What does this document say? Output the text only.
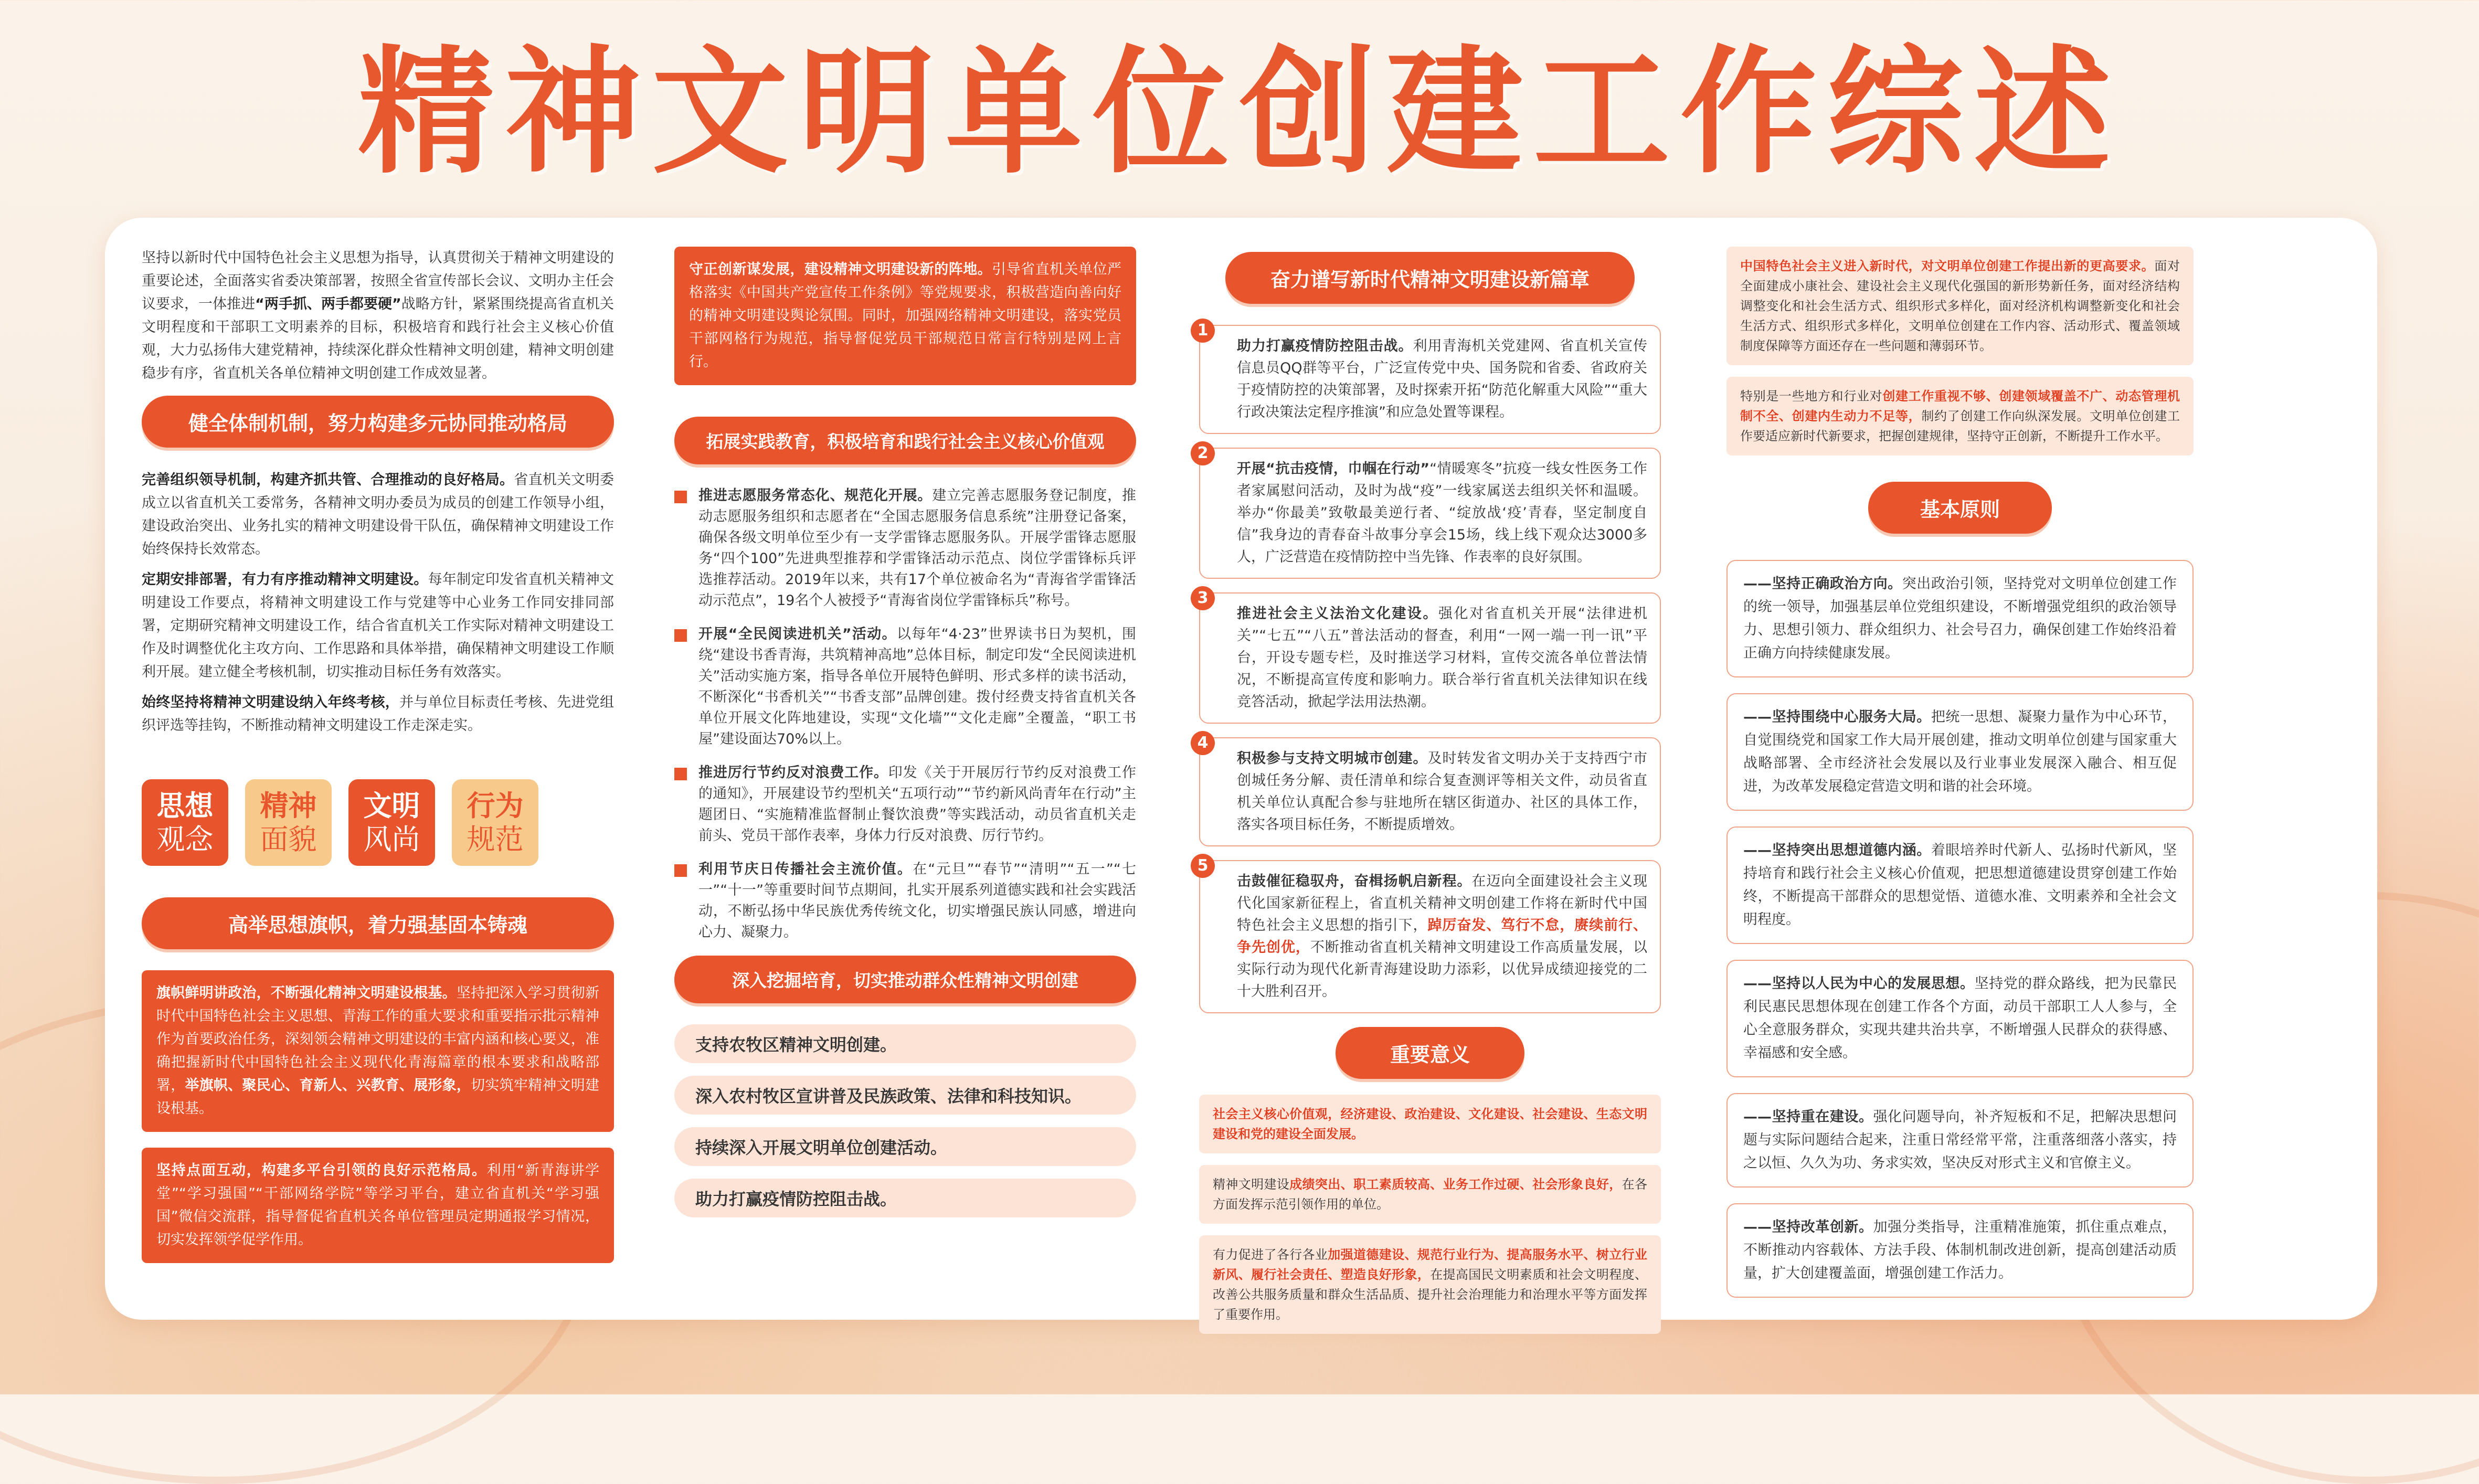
精神文明单位创建工作综述

坚持以新时代中国特色社会主义思想为指导，认真贯彻关于精神文明建设的重要论述，全面落实省委决策部署，按照全省宣传部长会议、文明办主任会议要求，一体推进“两手抓、两手都要硬”战略方针，紧紧围绕提高省直机关文明程度和干部职工文明素养的目标，积极培育和践行社会主义核心价值观，大力弘扬伟大建党精神，持续深化群众性精神文明创建，精神文明创建稳步有序，省直机关各单位精神文明创建工作成效显著。

健全体制机制，努力构建多元协同推动格局

完善组织领导机制，构建齐抓共管、合理推动的良好格局。省直机关文明委成立以省直机关工委常务，各精神文明办委员为成员的创建工作领导小组，建设政治突出、业务扎实的精神文明建设骨干队伍，确保精神文明建设工作始终保持长效常态。

定期安排部署，有力有序推动精神文明建设。每年制定印发省直机关精神文明建设工作要点，将精神文明建设工作与党建等中心业务工作同安排同部署，定期研究精神文明建设工作，结合省直机关工作实际对精神文明建设工作及时调整优化主攻方向、工作思路和具体举措，确保精神文明建设工作顺利开展。建立健全考核机制，切实推动目标任务有效落实。

始终坚持将精神文明建设纳入年终考核，并与单位目标责任考核、先进党组织评选等挂钩，不断推动精神文明建设工作走深走实。

思想
观念
精神
面貌
文明
风尚
行为
规范
高举思想旗帜，着力强基固本铸魂
旗帜鲜明讲政治，不断强化精神文明建设根基。坚持把深入学习贯彻新时代中国特色社会主义思想、青海工作的重大要求和重要指示批示精神作为首要政治任务，深刻领会精神文明建设的丰富内涵和核心要义，准确把握新时代中国特色社会主义现代化青海篇章的根本要求和战略部署，举旗帜、聚民心、育新人、兴教育、展形象，切实筑牢精神文明建设根基。
坚持点面互动，构建多平台引领的良好示范格局。利用“新青海讲学堂”“学习强国”“干部网络学院”等学习平台，建立省直机关“学习强国”微信交流群，指导督促省直机关各单位管理员定期通报学习情况，切实发挥领学促学作用。
守正创新谋发展，建设精神文明建设新的阵地。引导省直机关单位严格落实《中国共产党宣传工作条例》等党规要求，积极营造向善向好的精神文明建设舆论氛围。同时，加强网络精神文明建设，落实党员干部网格行为规范，指导督促党员干部规范日常言行特别是网上言行。
拓展实践教育，积极培育和践行社会主义核心价值观
推进志愿服务常态化、规范化开展。建立完善志愿服务登记制度，推动志愿服务组织和志愿者在“全国志愿服务信息系统”注册登记备案，确保各级文明单位至少有一支学雷锋志愿服务队。开展学雷锋志愿服务“四个100”先进典型推荐和学雷锋活动示范点、岗位学雷锋标兵评选推荐活动。2019年以来，共有17个单位被命名为“青海省学雷锋活动示范点”，19名个人被授予“青海省岗位学雷锋标兵”称号。
开展“全民阅读进机关”活动。以每年“4·23”世界读书日为契机，围绕“建设书香青海，共筑精神高地”总体目标，制定印发“全民阅读进机关”活动实施方案，指导各单位开展特色鲜明、形式多样的读书活动，不断深化“书香机关”“书香支部”品牌创建。拨付经费支持省直机关各单位开展文化阵地建设，实现“文化墙”“文化走廊”全覆盖，“职工书屋”建设面达70%以上。
推进厉行节约反对浪费工作。印发《关于开展厉行节约反对浪费工作的通知》，开展建设节约型机关“五项行动”“节约新风尚青年在行动”主题团日、“实施精准监督制止餐饮浪费”等实践活动，动员省直机关走前头、党员干部作表率，身体力行反对浪费、厉行节约。
利用节庆日传播社会主流价值。在“元旦”“春节”“清明”“五一”“七一”“十一”等重要时间节点期间，扎实开展系列道德实践和社会实践活动，不断弘扬中华民族优秀传统文化，切实增强民族认同感，增进向心力、凝聚力。
深入挖掘培育，切实推动群众性精神文明创建
支持农牧区精神文明创建。
深入农村牧区宣讲普及民族政策、法律和科技知识。
持续深入开展文明单位创建活动。
助力打赢疫情防控阻击战。
奋力谱写新时代精神文明建设新篇章
1
助力打赢疫情防控阻击战。利用青海机关党建网、省直机关宣传信息员QQ群等平台，广泛宣传党中央、国务院和省委、省政府关于疫情防控的决策部署，及时探索开拓“防范化解重大风险”“重大行政决策法定程序推演”和应急处置等课程。
2
开展“抗击疫情，巾帼在行动”“情暖寒冬”抗疫一线女性医务工作者家属慰问活动，及时为战“疫”一线家属送去组织关怀和温暖。举办“你最美”致敬最美逆行者、“绽放战‘疫’青春，坚定制度自信”我身边的青春奋斗故事分享会15场，线上线下观众达3000多人，广泛营造在疫情防控中当先锋、作表率的良好氛围。
3
推进社会主义法治文化建设。强化对省直机关开展“法律进机关”“七五”“八五”普法活动的督查，利用“一网一端一刊一讯”平台，开设专题专栏，及时推送学习材料，宣传交流各单位普法情况，不断提高宣传度和影响力。联合举行省直机关法律知识在线竞答活动，掀起学法用法热潮。
4
积极参与支持文明城市创建。及时转发省文明办关于支持西宁市创城任务分解、责任清单和综合复查测评等相关文件，动员省直机关单位认真配合参与驻地所在辖区街道办、社区的具体工作，落实各项目标任务，不断提质增效。
5
击鼓催征稳驭舟，奋楫扬帆启新程。在迈向全面建设社会主义现代化国家新征程上，省直机关精神文明创建工作将在新时代中国特色社会主义思想的指引下，踔厉奋发、笃行不怠，赓续前行、争先创优，不断推动省直机关精神文明建设工作高质量发展，以实际行动为现代化新青海建设助力添彩，以优异成绩迎接党的二十大胜利召开。
重要意义
社会主义核心价值观，经济建设、政治建设、文化建设、社会建设、生态文明建设和党的建设全面发展。
精神文明建设成绩突出、职工素质较高、业务工作过硬、社会形象良好，在各方面发挥示范引领作用的单位。
有力促进了各行各业加强道德建设、规范行业行为、提高服务水平、树立行业新风、履行社会责任、塑造良好形象，在提高国民文明素质和社会文明程度、改善公共服务质量和群众生活品质、提升社会治理能力和治理水平等方面发挥了重要作用。
中国特色社会主义进入新时代，对文明单位创建工作提出新的更高要求。面对全面建成小康社会、建设社会主义现代化强国的新形势新任务，面对经济结构调整变化和社会生活方式、组织形式多样化，面对经济机构调整新变化和社会生活方式、组织形式多样化，文明单位创建在工作内容、活动形式、覆盖领域制度保障等方面还存在一些问题和薄弱环节。
特别是一些地方和行业对创建工作重视不够、创建领域覆盖不广、动态管理机制不全、创建内生动力不足等，制约了创建工作向纵深发展。文明单位创建工作要适应新时代新要求，把握创建规律，坚持守正创新，不断提升工作水平。
基本原则
——坚持正确政治方向。突出政治引领，坚持党对文明单位创建工作的统一领导，加强基层单位党组织建设，不断增强党组织的政治领导力、思想引领力、群众组织力、社会号召力，确保创建工作始终沿着正确方向持续健康发展。
——坚持围绕中心服务大局。把统一思想、凝聚力量作为中心环节，自觉围绕党和国家工作大局开展创建，推动文明单位创建与国家重大战略部署、全市经济社会发展以及行业事业发展深入融合、相互促进，为改革发展稳定营造文明和谐的社会环境。
——坚持突出思想道德内涵。着眼培养时代新人、弘扬时代新风，坚持培育和践行社会主义核心价值观，把思想道德建设贯穿创建工作始终，不断提高干部群众的思想觉悟、道德水准、文明素养和全社会文明程度。
——坚持以人民为中心的发展思想。坚持党的群众路线，把为民靠民利民惠民思想体现在创建工作各个方面，动员干部职工人人参与，全心全意服务群众，实现共建共治共享，不断增强人民群众的获得感、幸福感和安全感。
——坚持重在建设。强化问题导向，补齐短板和不足，把解决思想问题与实际问题结合起来，注重日常经常平常，注重落细落小落实，持之以恒、久久为功、务求实效，坚决反对形式主义和官僚主义。
——坚持改革创新。加强分类指导，注重精准施策，抓住重点难点，不断推动内容载体、方法手段、体制机制改进创新，提高创建活动质量，扩大创建覆盖面，增强创建工作活力。
